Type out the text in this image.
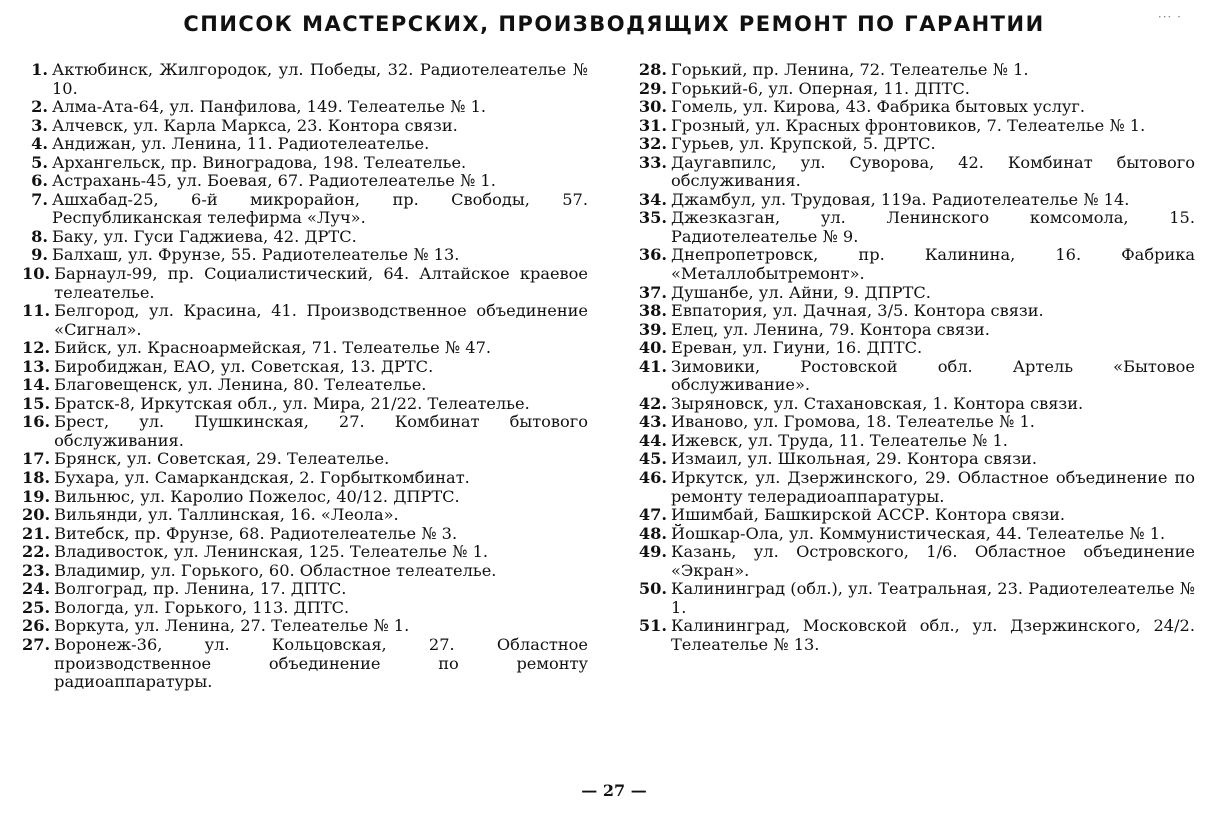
СПИСОК МАСТЕРСКИХ, ПРОИЗВОДЯЩИХ РЕМОНТ ПО ГАРАНТИИ	··· ·
1. Актюбинск, Жилгородок, ул. Победы, 32. Радиотелеателье № 10.
2. Алма-Ата-64, ул. Панфилова, 149. Телеателье № 1.
3. Алчевск, ул. Карла Маркса, 23. Контора связи.
4. Андижан, ул. Ленина, 11. Радиотелеателье.
5. Архангельск, пр. Виноградова, 198. Телеателье.
6. Астрахань-45, ул. Боевая, 67. Радиотелеателье № 1.
7. Ашхабад-25, 6-й микрорайон, пр. Свободы, 57. Республиканская телефирма «Луч».
8. Баку, ул. Гуси Гаджиева, 42. ДРТС.
9. Балхаш, ул. Фрунзе, 55. Радиотелеателье № 13.
10. Барнаул-99, пр. Социалистический, 64. Алтайское краевое телеателье.
11. Белгород, ул. Красина, 41. Производственное объединение «Сигнал».
12. Бийск, ул. Красноармейская, 71. Телеателье № 47.
13. Биробиджан, ЕАО, ул. Советская, 13. ДРТС.
14. Благовещенск, ул. Ленина, 80. Телеателье.
15. Братск-8, Иркутская обл., ул. Мира, 21/22. Телеателье.
16. Брест, ул. Пушкинская, 27. Комбинат бытового обслуживания.
17. Брянск, ул. Советская, 29. Телеателье.
18. Бухара, ул. Самаркандская, 2. Горбыткомбинат.
19. Вильнюс, ул. Каролио Пожелос, 40/12. ДПРТС.
20. Вильянди, ул. Таллинская, 16. «Леола».
21. Витебск, пр. Фрунзе, 68. Радиотелеателье № 3.
22. Владивосток, ул. Ленинская, 125. Телеателье № 1.
23. Владимир, ул. Горького, 60. Областное телеателье.
24. Волгоград, пр. Ленина, 17. ДПТС.
25. Вологда, ул. Горького, 113. ДПТС.
26. Воркута, ул. Ленина, 27. Телеателье № 1.
27. Воронеж-36, ул. Кольцовская, 27. Областное производственное объединение по ремонту радиоаппаратуры.
28. Горький, пр. Ленина, 72. Телеателье № 1.
29. Горький-6, ул. Оперная, 11. ДПТС.
30. Гомель, ул. Кирова, 43. Фабрика бытовых услуг.
31. Грозный, ул. Красных фронтовиков, 7. Телеателье № 1.
32. Гурьев, ул. Крупской, 5. ДРТС.
33. Даугавпилс, ул. Суворова, 42. Комбинат бытового обслуживания.
34. Джамбул, ул. Трудовая, 119а. Радиотелеателье № 14.
35. Джезказган, ул. Ленинского комсомола, 15. Радиотелеателье № 9.
36. Днепропетровск, пр. Калинина, 16. Фабрика «Металлобытремонт».
37. Душанбе, ул. Айни, 9. ДПРТС.
38. Евпатория, ул. Дачная, 3/5. Контора связи.
39. Елец, ул. Ленина, 79. Контора связи.
40. Ереван, ул. Гиуни, 16. ДПТС.
41. Зимовики, Ростовской обл. Артель «Бытовое обслуживание».
42. Зыряновск, ул. Стахановская, 1. Контора связи.
43. Иваново, ул. Громова, 18. Телеателье № 1.
44. Ижевск, ул. Труда, 11. Телеателье № 1.
45. Измаил, ул. Школьная, 29. Контора связи.
46. Иркутск, ул. Дзержинского, 29. Областное объединение по ремонту телерадиоаппаратуры.
47. Ишимбай, Башкирской АССР. Контора связи.
48. Йошкар-Ола, ул. Коммунистическая, 44. Телеателье № 1.
49. Казань, ул. Островского, 1/6. Областное объединение «Экран».
50. Калининград (обл.), ул. Театральная, 23. Радиотелеателье № 1.
51. Калининград, Московской обл., ул. Дзержинского, 24/2. Телеателье № 13.
— 27 —
